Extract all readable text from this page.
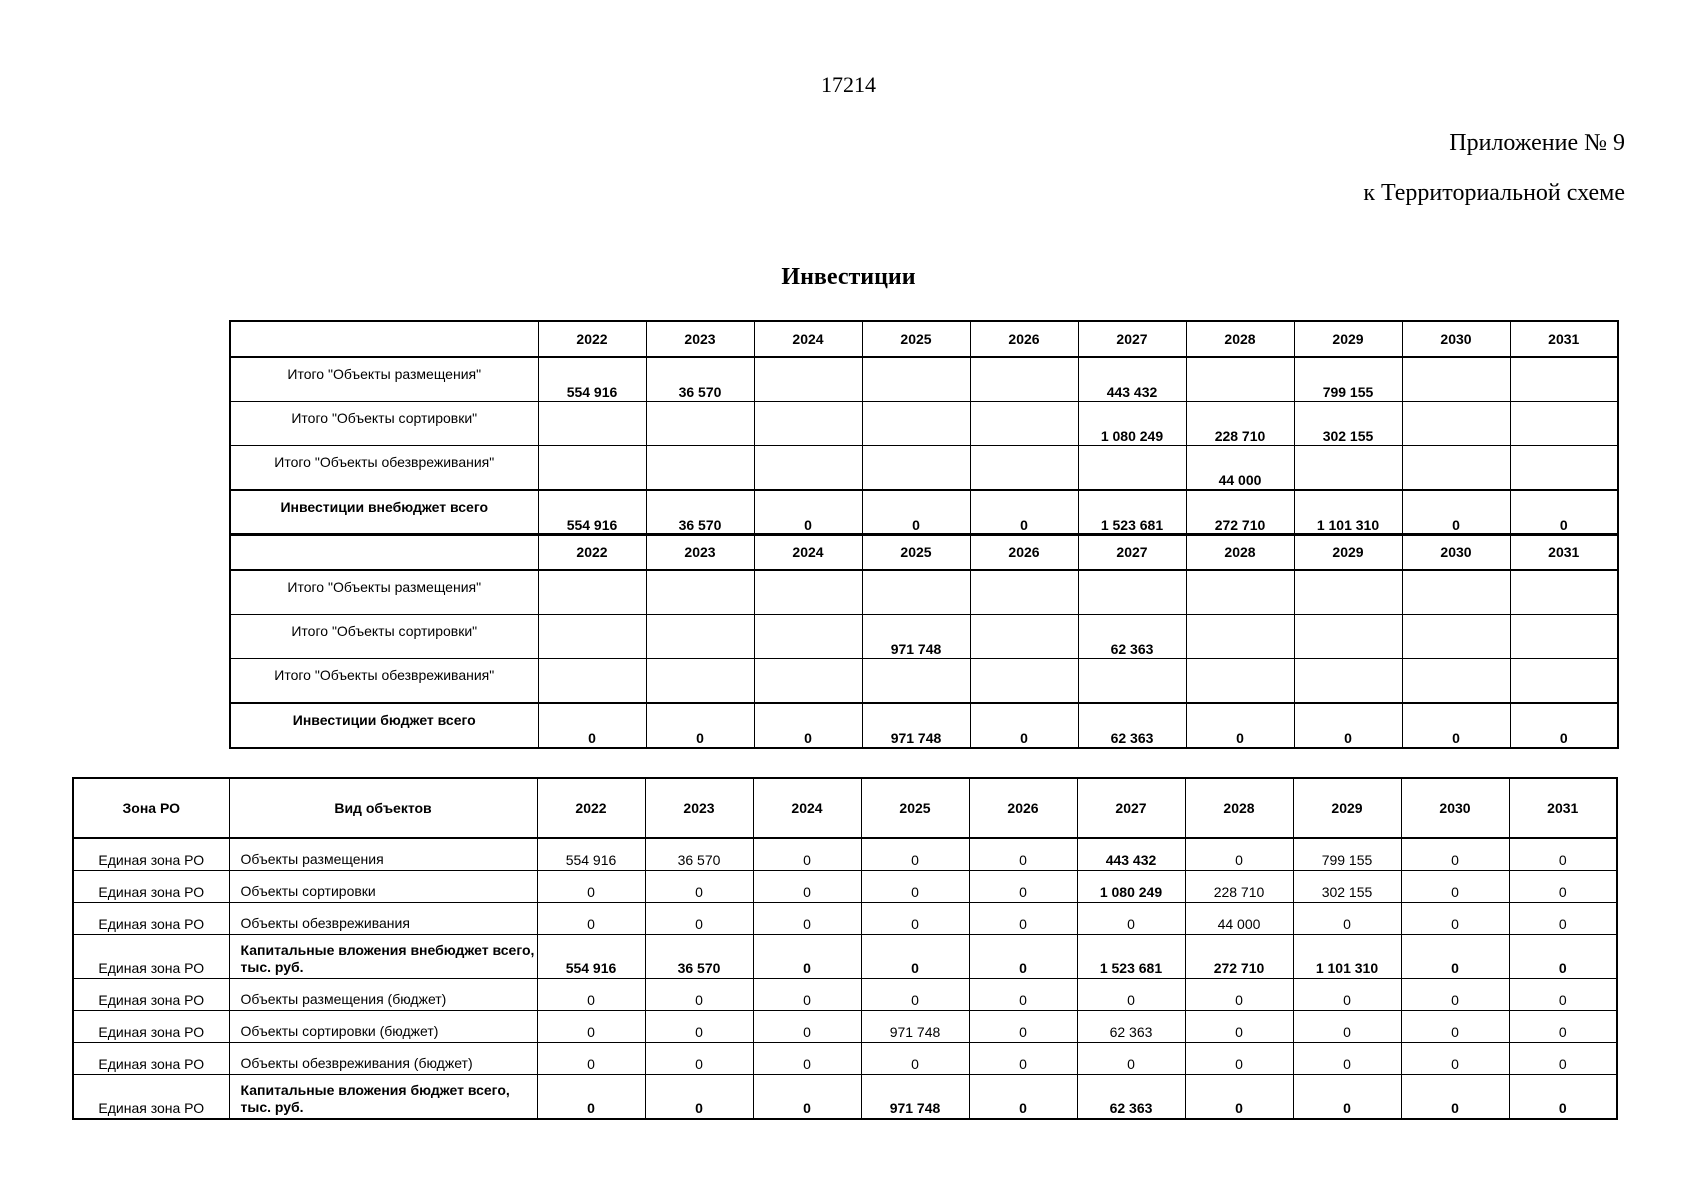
17214
Приложение № 9
к Территориальной схеме
Инвестиции
	2022	2023	2024	2025	2026	2027	2028	2029	2030	2031
Итого "Объекты размещения"	554 916	36 570				443 432		799 155		
Итого "Объекты сортировки"						1 080 249	228 710	302 155		
Итого "Объекты обезвреживания"							44 000			
Инвестиции внебюджет всего	554 916	36 570	0	0	0	1 523 681	272 710	1 101 310	0	0
	2022	2023	2024	2025	2026	2027	2028	2029	2030	2031
Итого "Объекты размещения"										
Итого "Объекты сортировки"				971 748		62 363				
Итого "Объекты обезвреживания"										
Инвестиции бюджет всего	0	0	0	971 748	0	62 363	0	0	0	0
Зона РО	Вид объектов	2022	2023	2024	2025	2026	2027	2028	2029	2030	2031
Единая зона РО	Объекты размещения	554 916	36 570	0	0	0	443 432	0	799 155	0	0
Единая зона РО	Объекты сортировки	0	0	0	0	0	1 080 249	228 710	302 155	0	0
Единая зона РО	Объекты обезвреживания	0	0	0	0	0	0	44 000	0	0	0
Единая зона РО	Капитальные вложения внебюджет всего, тыс. руб.	554 916	36 570	0	0	0	1 523 681	272 710	1 101 310	0	0
Единая зона РО	Объекты размещения (бюджет)	0	0	0	0	0	0	0	0	0	0
Единая зона РО	Объекты сортировки (бюджет)	0	0	0	971 748	0	62 363	0	0	0	0
Единая зона РО	Объекты обезвреживания (бюджет)	0	0	0	0	0	0	0	0	0	0
Единая зона РО	Капитальные вложения бюджет всего, тыс. руб.	0	0	0	971 748	0	62 363	0	0	0	0
